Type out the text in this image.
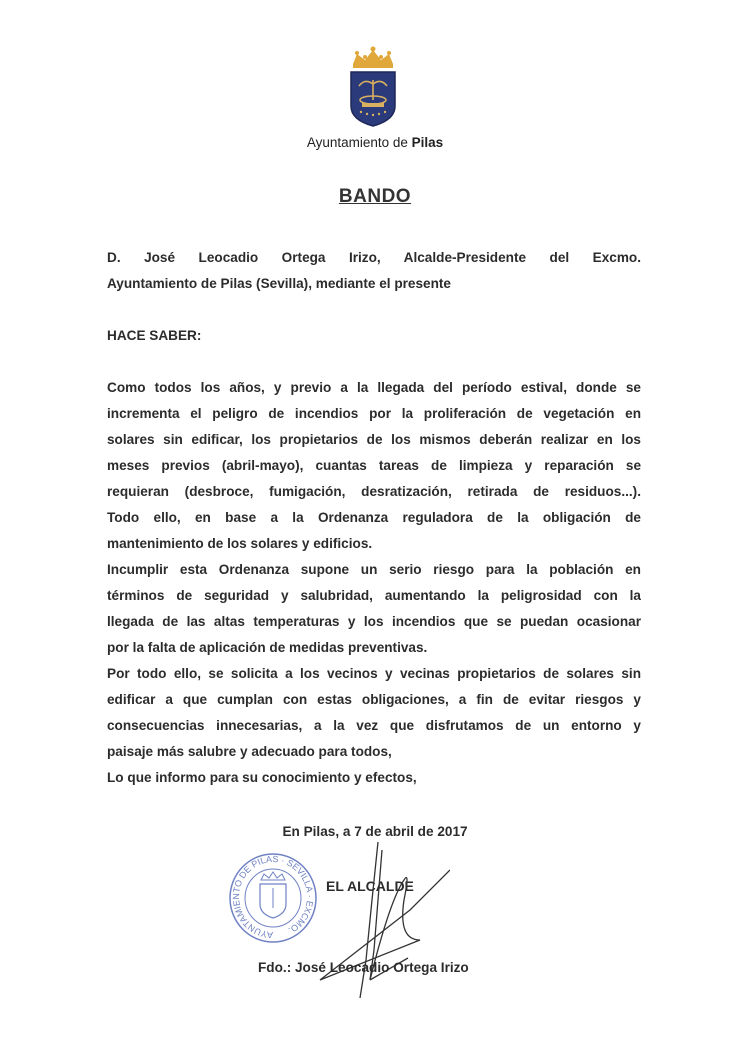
Ayuntamiento de Pilas
BANDO
D. José Leocadio Ortega Irizo, Alcalde-Presidente del Excmo.
Ayuntamiento de Pilas (Sevilla), mediante el presente
HACE SABER:
Como todos los años, y previo a la llegada del período estival, donde se
incrementa el peligro de incendios por la proliferación de vegetación en
solares sin edificar, los propietarios de los mismos deberán realizar en los
meses previos (abril-mayo), cuantas tareas de limpieza y reparación se
requieran (desbroce, fumigación, desratización, retirada de residuos...).
Todo ello, en base a la Ordenanza reguladora de la obligación de
mantenimiento de los solares y edificios.
Incumplir esta Ordenanza supone un serio riesgo para la población en
términos de seguridad y salubridad, aumentando la peligrosidad con la
llegada de las altas temperaturas y los incendios que se puedan ocasionar
por la falta de aplicación de medidas preventivas.
Por todo ello, se solicita a los vecinos y vecinas propietarios de solares sin
edificar a que cumplan con estas obligaciones, a fin de evitar riesgos y
consecuencias innecesarias, a la vez que disfrutamos de un entorno y
paisaje más salubre y adecuado para todos,
Lo que informo para su conocimiento y efectos,
En Pilas, a 7 de abril de 2017
AYUNTAMIENTO DE PILAS · SEVILLA · EXCMO.
EL ALCALDE
Fdo.: José Leocadio Ortega Irizo
